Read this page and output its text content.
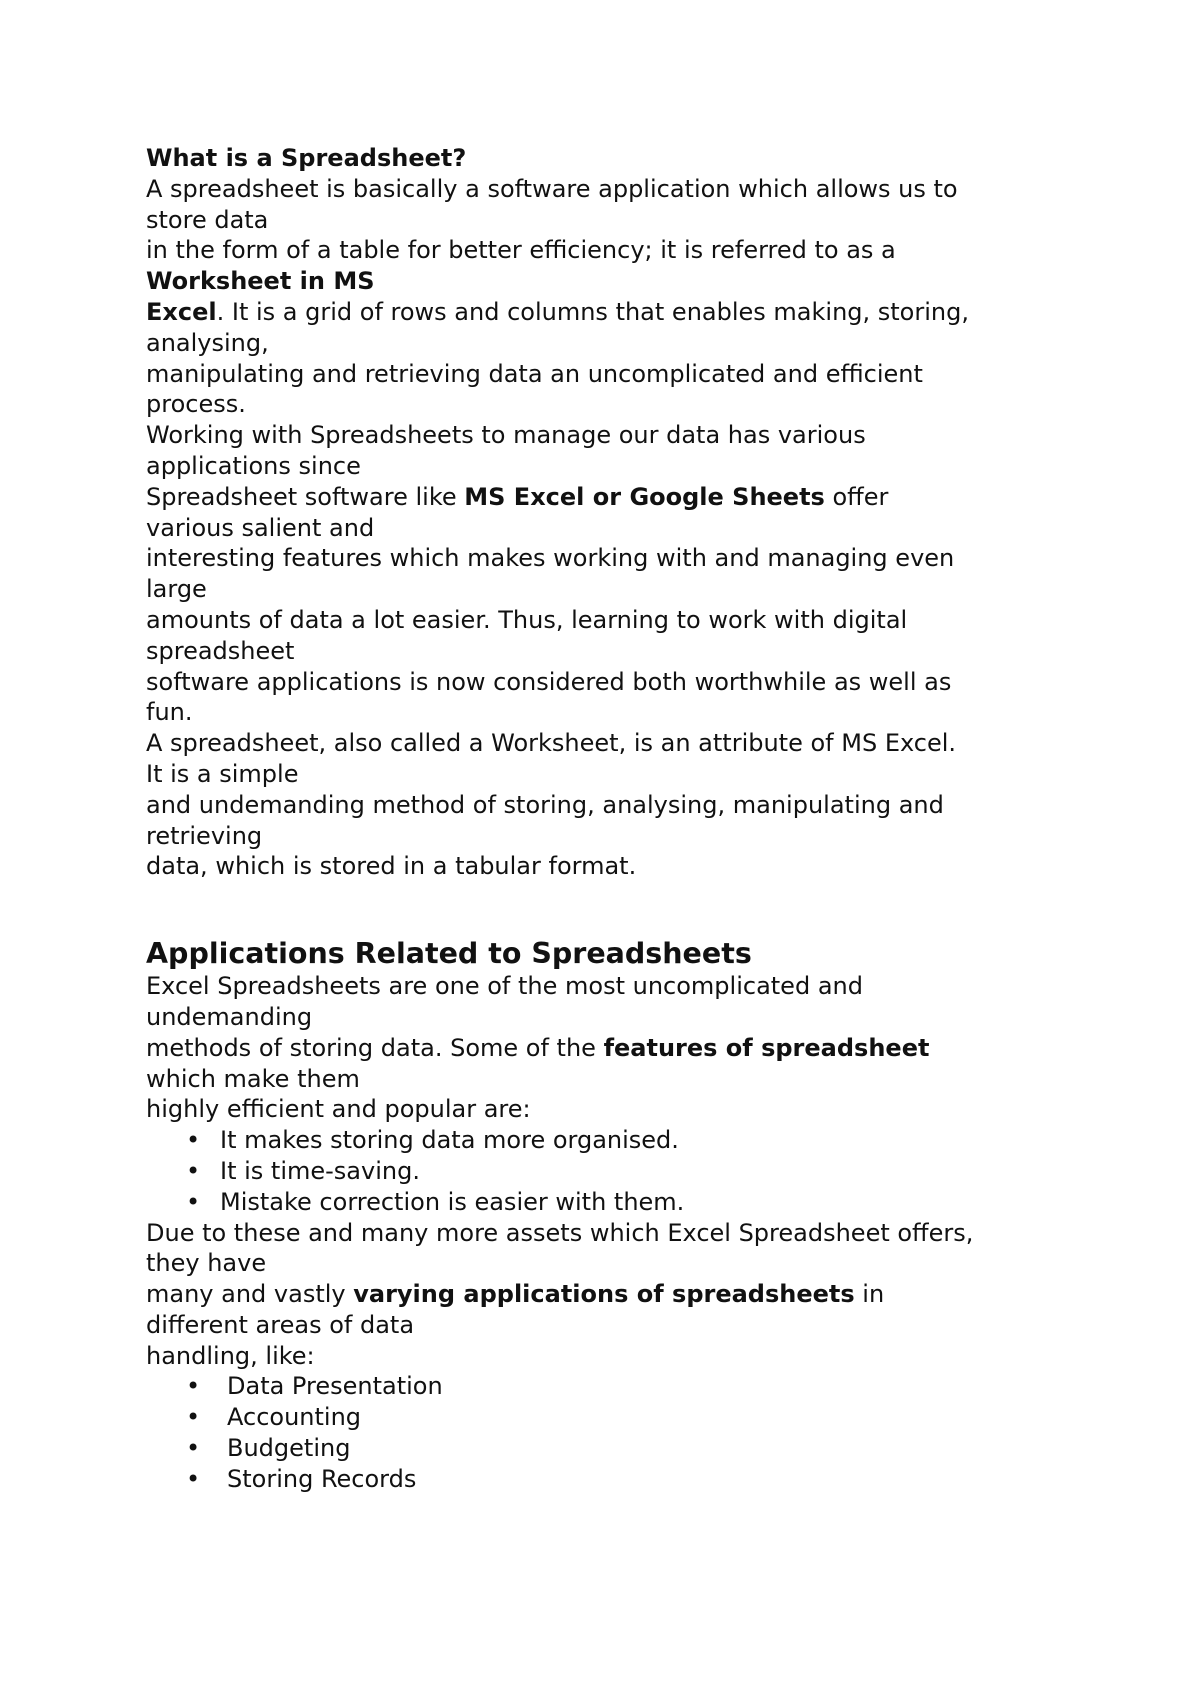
What is a Spreadsheet?
A spreadsheet is basically a software application which allows us to
store data
in the form of a table for better efficiency; it is referred to as a
Worksheet in MS
Excel. It is a grid of rows and columns that enables making, storing,
analysing,
manipulating and retrieving data an uncomplicated and efficient
process.
Working with Spreadsheets to manage our data has various
applications since
Spreadsheet software like MS Excel or Google Sheets offer
various salient and
interesting features which makes working with and managing even
large
amounts of data a lot easier. Thus, learning to work with digital
spreadsheet
software applications is now considered both worthwhile as well as
fun.
A spreadsheet, also called a Worksheet, is an attribute of MS Excel.
It is a simple
and undemanding method of storing, analysing, manipulating and
retrieving
data, which is stored in a tabular format.
Applications Related to Spreadsheets
Excel Spreadsheets are one of the most uncomplicated and
undemanding
methods of storing data. Some of the features of spreadsheet
which make them
highly efficient and popular are:
• It makes storing data more organised.
• It is time-saving.
• Mistake correction is easier with them.
Due to these and many more assets which Excel Spreadsheet offers,
they have
many and vastly varying applications of spreadsheets in
different areas of data
handling, like:
• Data Presentation
• Accounting
• Budgeting
• Storing Records
